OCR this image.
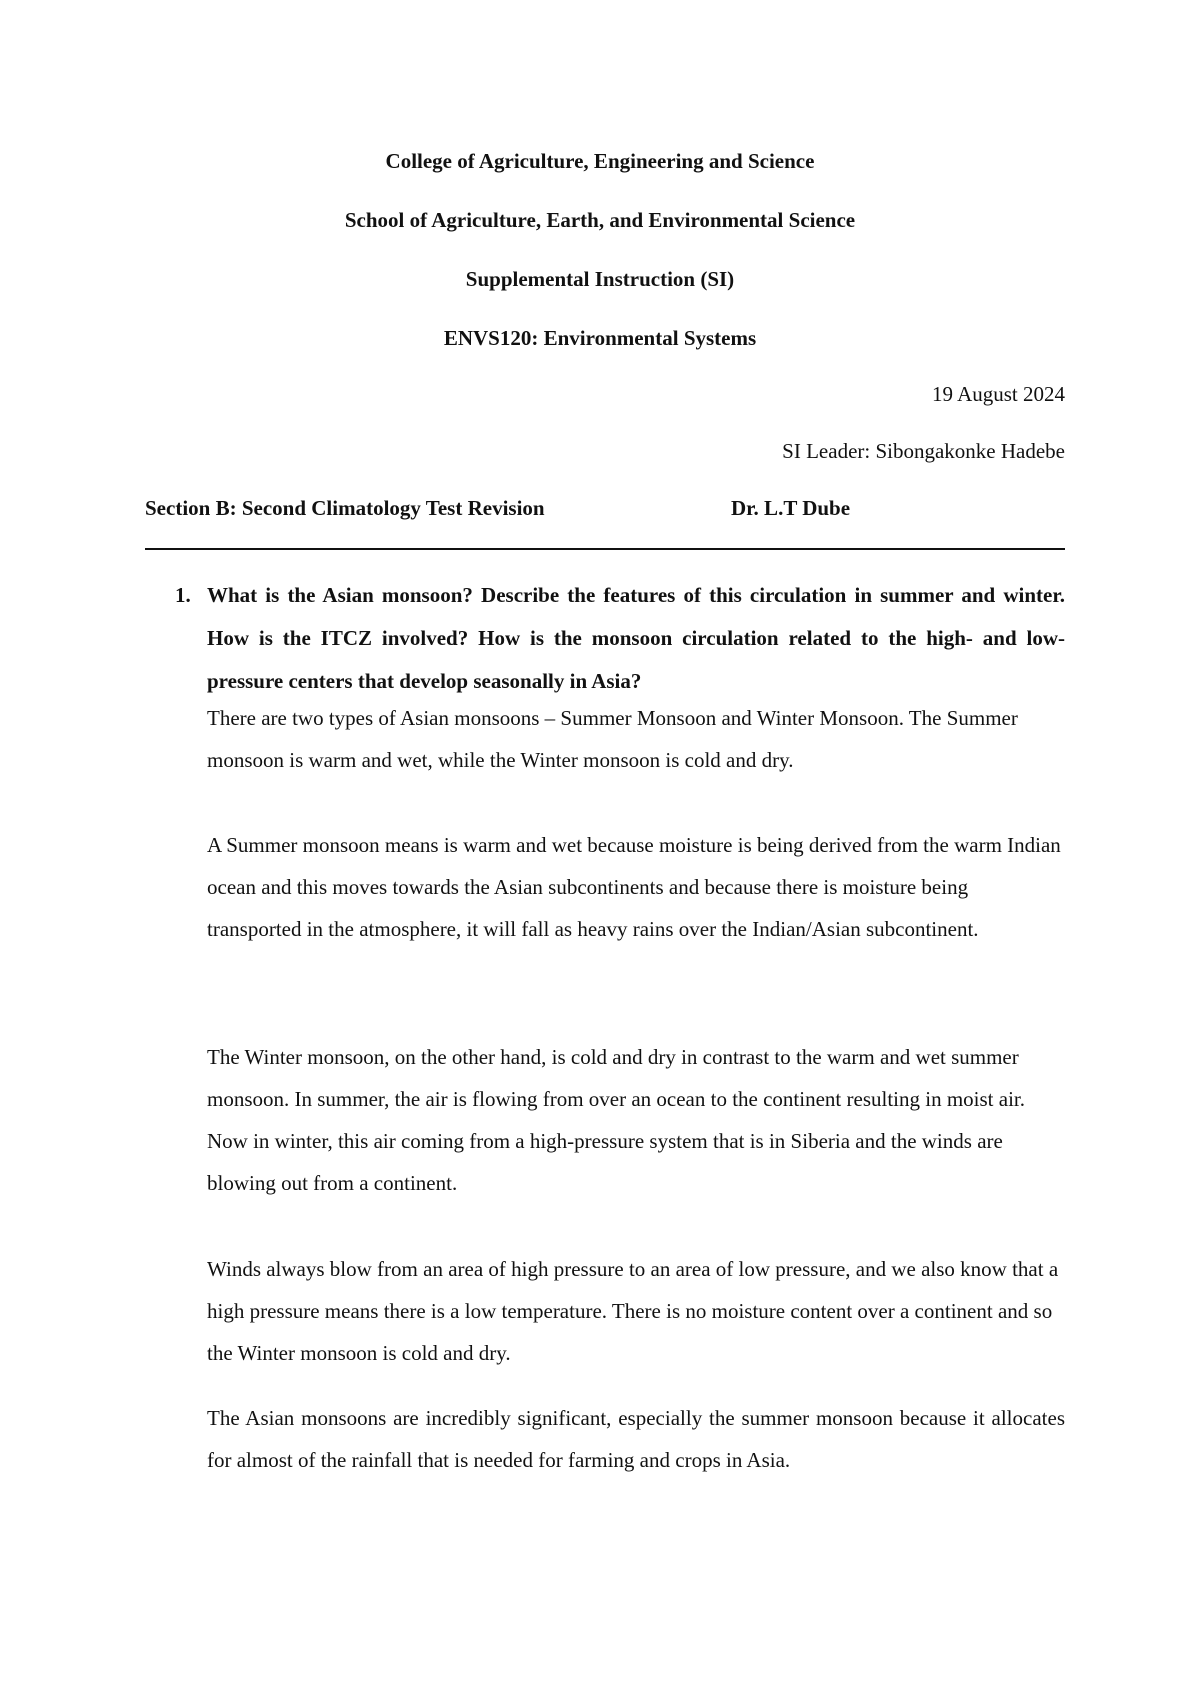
College of Agriculture, Engineering and Science
School of Agriculture, Earth, and Environmental Science
Supplemental Instruction (SI)
ENVS120: Environmental Systems
19 August 2024
SI Leader: Sibongakonke Hadebe
Section B: Second Climatology Test Revision	Dr. L.T Dube
1. What is the Asian monsoon? Describe the features of this circulation in summer and winter. How is the ITCZ involved? How is the monsoon circulation related to the high- and low-pressure centers that develop seasonally in Asia?

There are two types of Asian monsoons – Summer Monsoon and Winter Monsoon. The Summer monsoon is warm and wet, while the Winter monsoon is cold and dry.

A Summer monsoon means is warm and wet because moisture is being derived from the warm Indian ocean and this moves towards the Asian subcontinents and because there is moisture being transported in the atmosphere, it will fall as heavy rains over the Indian/Asian subcontinent.

The Winter monsoon, on the other hand, is cold and dry in contrast to the warm and wet summer monsoon. In summer, the air is flowing from over an ocean to the continent resulting in moist air. Now in winter, this air coming from a high-pressure system that is in Siberia and the winds are blowing out from a continent.

Winds always blow from an area of high pressure to an area of low pressure, and we also know that a high pressure means there is a low temperature. There is no moisture content over a continent and so the Winter monsoon is cold and dry.

The Asian monsoons are incredibly significant, especially the summer monsoon because it allocates for almost of the rainfall that is needed for farming and crops in Asia.
